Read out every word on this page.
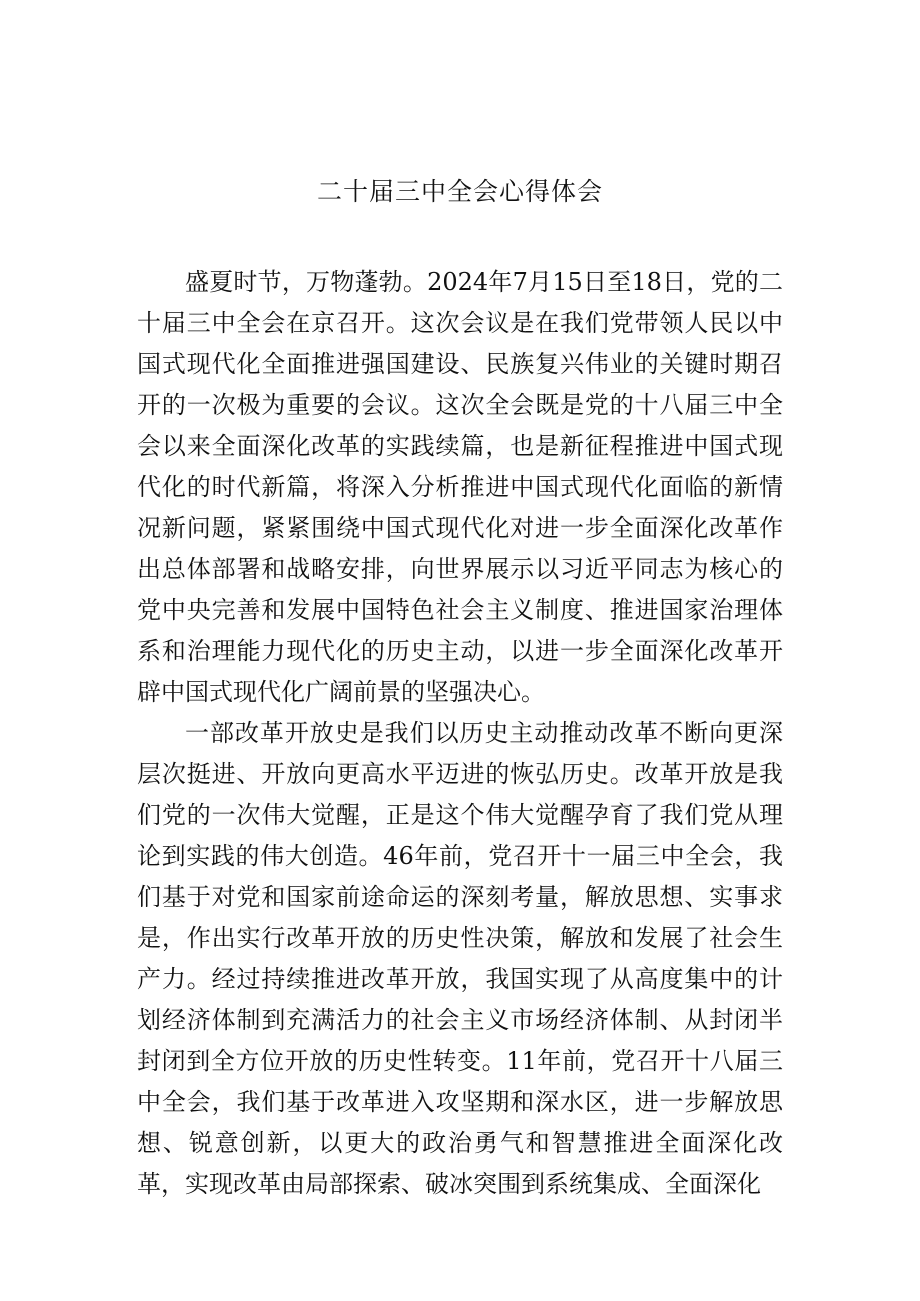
二十届三中全会心得体会

盛夏时节，万物蓬勃。2024年7月15日至18日，党的二十届三中全会在京召开。这次会议是在我们党带领人民以中国式现代化全面推进强国建设、民族复兴伟业的关键时期召开的一次极为重要的会议。这次全会既是党的十八届三中全会以来全面深化改革的实践续篇，也是新征程推进中国式现代化的时代新篇，将深入分析推进中国式现代化面临的新情况新问题，紧紧围绕中国式现代化对进一步全面深化改革作出总体部署和战略安排，向世界展示以习近平同志为核心的党中央完善和发展中国特色社会主义制度、推进国家治理体系和治理能力现代化的历史主动，以进一步全面深化改革开辟中国式现代化广阔前景的坚强决心。

一部改革开放史是我们以历史主动推动改革不断向更深层次挺进、开放向更高水平迈进的恢弘历史。改革开放是我们党的一次伟大觉醒，正是这个伟大觉醒孕育了我们党从理论到实践的伟大创造。46年前，党召开十一届三中全会，我们基于对党和国家前途命运的深刻考量，解放思想、实事求是，作出实行改革开放的历史性决策，解放和发展了社会生产力。经过持续推进改革开放，我国实现了从高度集中的计划经济体制到充满活力的社会主义市场经济体制、从封闭半封闭到全方位开放的历史性转变。11年前，党召开十八届三中全会，我们基于改革进入攻坚期和深水区，进一步解放思想、锐意创新，以更大的政治勇气和智慧推进全面深化改革，实现改革由局部探索、破冰突围到系统集成、全面深化
